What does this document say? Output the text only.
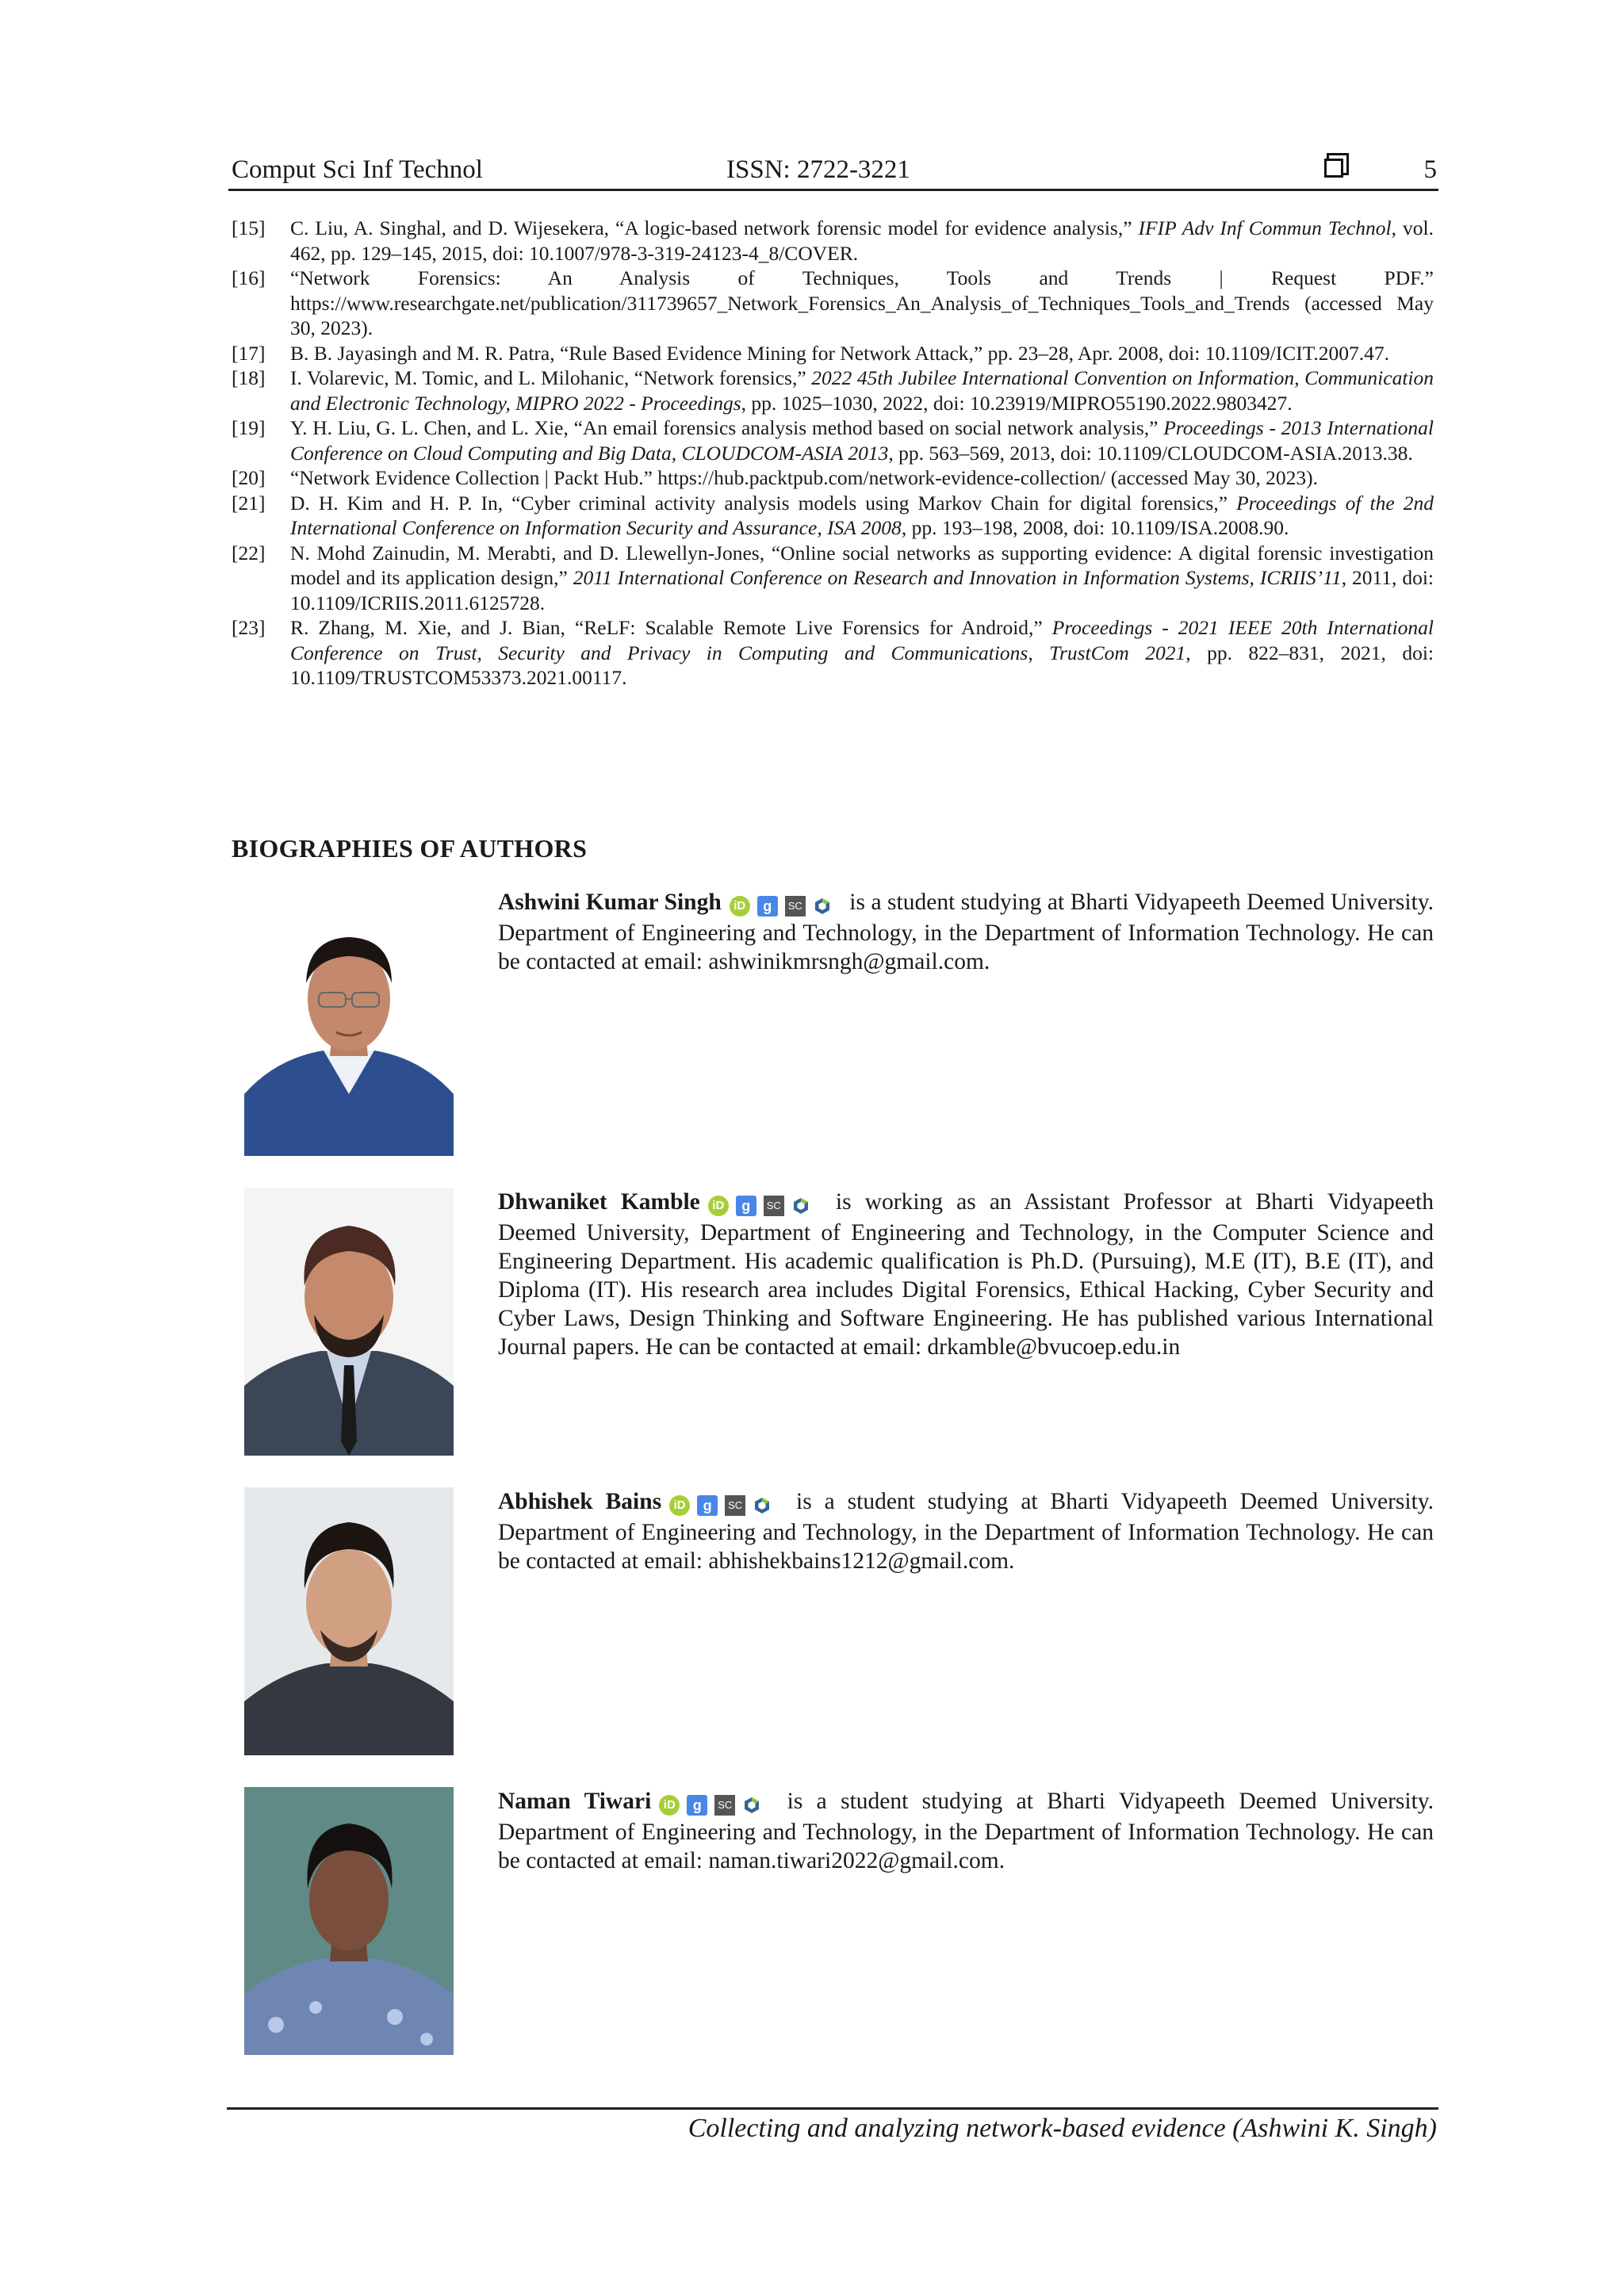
Comput Sci Inf Technol	ISSN: 2722-3221	5

[15] C. Liu, A. Singhal, and D. Wijesekera, “A logic-based network forensic model for evidence analysis,” IFIP Adv Inf Commun Technol, vol. 462, pp. 129–145, 2015, doi: 10.1007/978-3-319-24123-4_8/COVER.

[16] “Network Forensics: An Analysis of Techniques, Tools and Trends | Request PDF.” https://www.researchgate.net/publication/311739657_Network_Forensics_An_Analysis_of_Techniques_Tools_and_Trends (accessed May 30, 2023).

[17] B. B. Jayasingh and M. R. Patra, “Rule Based Evidence Mining for Network Attack,” pp. 23–28, Apr. 2008, doi: 10.1109/ICIT.2007.47.

[18] I. Volarevic, M. Tomic, and L. Milohanic, “Network forensics,” 2022 45th Jubilee International Convention on Information, Communication and Electronic Technology, MIPRO 2022 - Proceedings, pp. 1025–1030, 2022, doi: 10.23919/MIPRO55190.2022.9803427.

[19] Y. H. Liu, G. L. Chen, and L. Xie, “An email forensics analysis method based on social network analysis,” Proceedings - 2013 International Conference on Cloud Computing and Big Data, CLOUDCOM-ASIA 2013, pp. 563–569, 2013, doi: 10.1109/CLOUDCOM-ASIA.2013.38.

[20] “Network Evidence Collection | Packt Hub.” https://hub.packtpub.com/network-evidence-collection/ (accessed May 30, 2023).

[21] D. H. Kim and H. P. In, “Cyber criminal activity analysis models using Markov Chain for digital forensics,” Proceedings of the 2nd International Conference on Information Security and Assurance, ISA 2008, pp. 193–198, 2008, doi: 10.1109/ISA.2008.90.

[22] N. Mohd Zainudin, M. Merabti, and D. Llewellyn-Jones, “Online social networks as supporting evidence: A digital forensic investigation model and its application design,” 2011 International Conference on Research and Innovation in Information Systems, ICRIIS’11, 2011, doi: 10.1109/ICRIIS.2011.6125728.

[23] R. Zhang, M. Xie, and J. Bian, “ReLF: Scalable Remote Live Forensics for Android,” Proceedings - 2021 IEEE 20th International Conference on Trust, Security and Privacy in Computing and Communications, TrustCom 2021, pp. 822–831, 2021, doi: 10.1109/TRUSTCOM53373.2021.00117.

BIOGRAPHIES OF AUTHORS
Ashwini Kumar Singh iD g SC is a student studying at Bharti Vidyapeeth Deemed University. Department of Engineering and Technology, in the Department of Information Technology. He can be contacted at email: ashwinikmrsngh@gmail.com.
Dhwaniket Kamble iD g SC is working as an Assistant Professor at Bharti Vidyapeeth Deemed University, Department of Engineering and Technology, in the Computer Science and Engineering Department. His academic qualification is Ph.D. (Pursuing), M.E (IT), B.E (IT), and Diploma (IT). His research area includes Digital Forensics, Ethical Hacking, Cyber Security and Cyber Laws, Design Thinking and Software Engineering. He has published various International Journal papers. He can be contacted at email: drkamble@bvucoep.edu.in
Abhishek Bains iD g SC is a student studying at Bharti Vidyapeeth Deemed University. Department of Engineering and Technology, in the Department of Information Technology. He can be contacted at email: abhishekbains1212@gmail.com.
Naman Tiwari iD g SC is a student studying at Bharti Vidyapeeth Deemed University. Department of Engineering and Technology, in the Department of Information Technology. He can be contacted at email: naman.tiwari2022@gmail.com.
Collecting and analyzing network-based evidence (Ashwini K. Singh)
